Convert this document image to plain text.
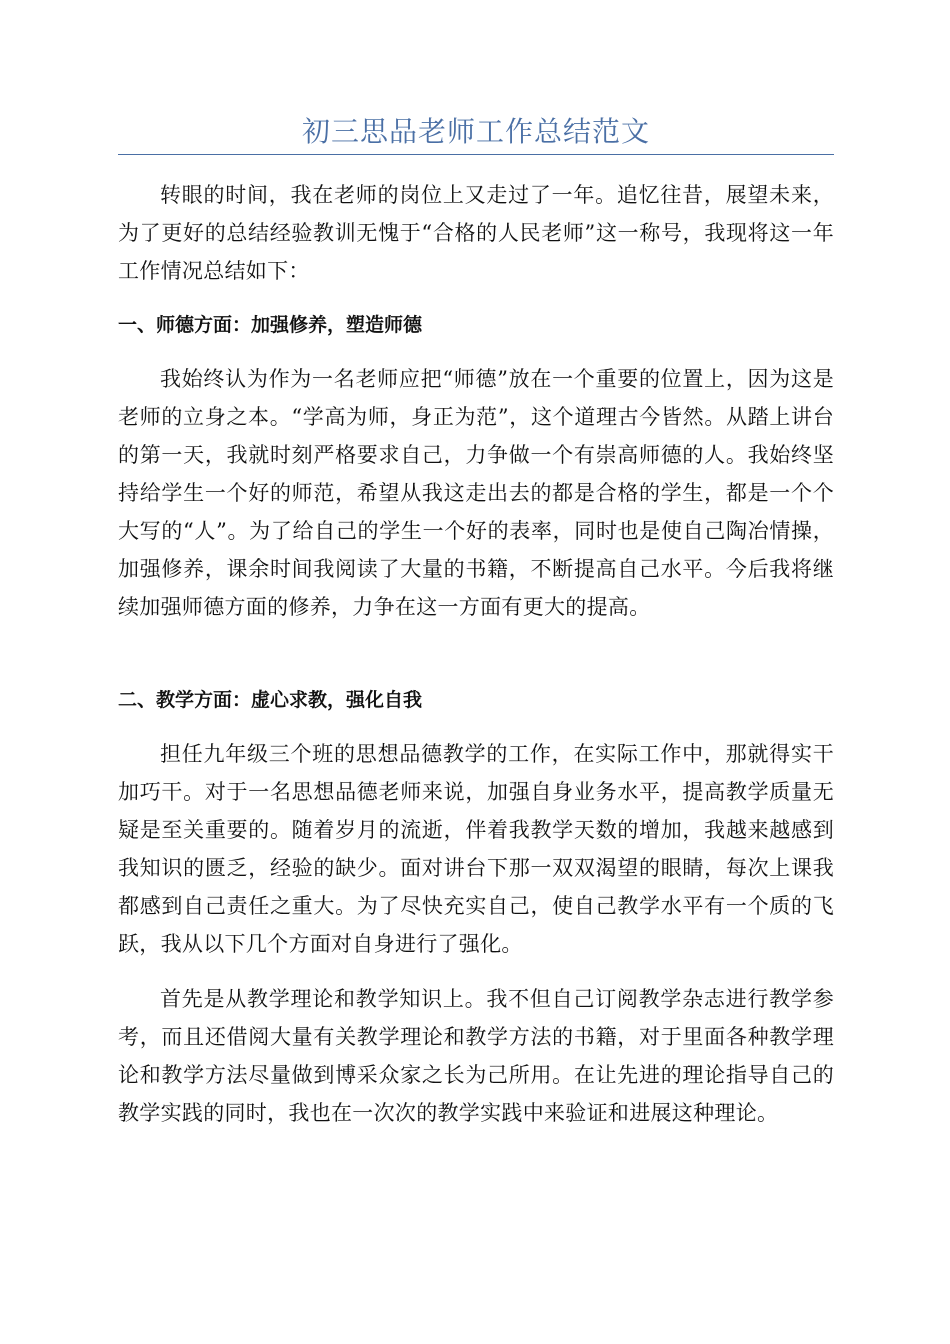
初三思品老师工作总结范文

转眼的时间，我在老师的岗位上又走过了一年。追忆往昔，展望未来，为了更好的总结经验教训无愧于“合格的人民老师”这一称号，我现将这一年工作情况总结如下：

一、师德方面：加强修养，塑造师德

我始终认为作为一名老师应把“师德”放在一个重要的位置上，因为这是老师的立身之本。“学高为师，身正为范”，这个道理古今皆然。从踏上讲台的第一天，我就时刻严格要求自己，力争做一个有崇高师德的人。我始终坚持给学生一个好的师范，希望从我这走出去的都是合格的学生，都是一个个大写的“人”。为了给自己的学生一个好的表率，同时也是使自己陶冶情操，加强修养，课余时间我阅读了大量的书籍，不断提高自己水平。今后我将继续加强师德方面的修养，力争在这一方面有更大的提高。

二、教学方面：虚心求教，强化自我

担任九年级三个班的思想品德教学的工作，在实际工作中，那就得实干加巧干。对于一名思想品德老师来说，加强自身业务水平，提高教学质量无疑是至关重要的。随着岁月的流逝，伴着我教学天数的增加，我越来越感到我知识的匮乏，经验的缺少。面对讲台下那一双双渴望的眼睛，每次上课我都感到自己责任之重大。为了尽快充实自己，使自己教学水平有一个质的飞跃，我从以下几个方面对自身进行了强化。

首先是从教学理论和教学知识上。我不但自己订阅教学杂志进行教学参考，而且还借阅大量有关教学理论和教学方法的书籍，对于里面各种教学理论和教学方法尽量做到博采众家之长为己所用。在让先进的理论指导自己的教学实践的同时，我也在一次次的教学实践中来验证和进展这种理论。
